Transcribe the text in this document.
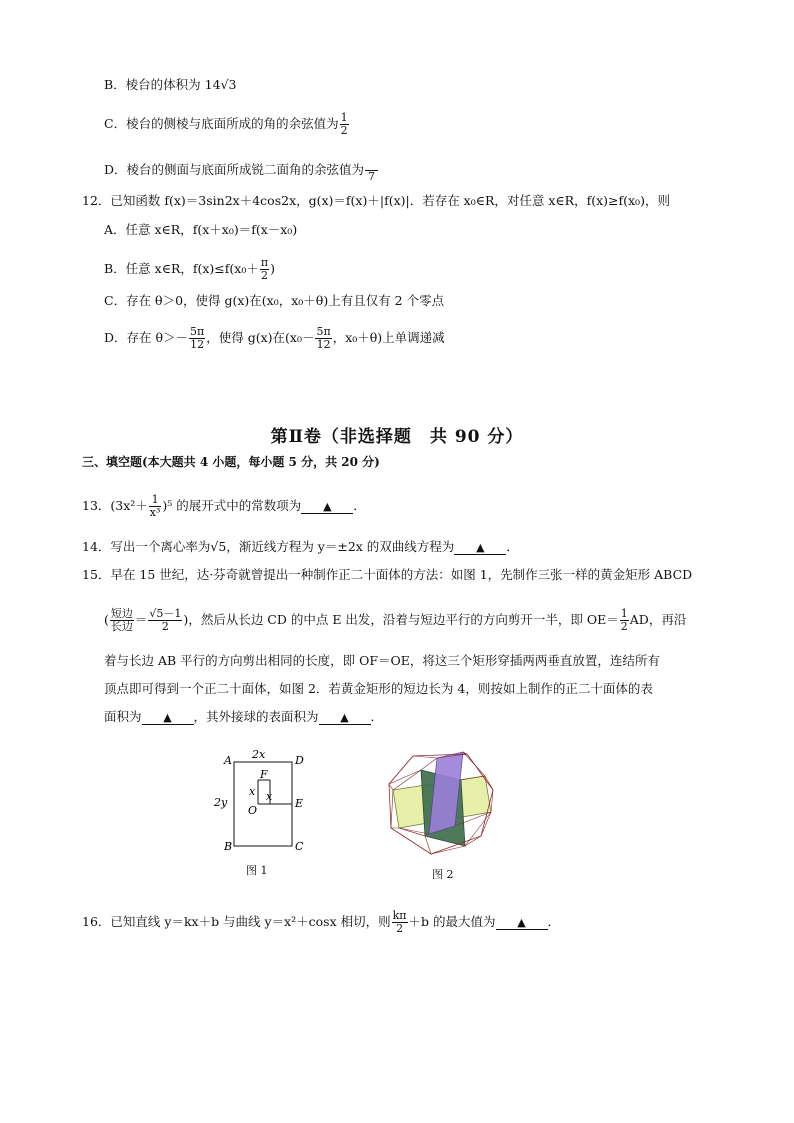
B．棱台的体积为 14√3
C．棱台的侧棱与底面所成的角的余弦值为 $\frac{1}{2}$
D．棱台的侧面与底面所成锐二面角的余弦值为
  7
12．已知函数 f(x)＝3sin2x＋4cos2x，g(x)＝f(x)＋|f(x)|．若存在 x₀∈R，对任意 x∈R，f(x)≥f(x₀)，则
A．任意 x∈R，f(x＋x₀)＝f(x－x₀)
B．任意 x∈R，$f(x)\le f(x_0+ \frac{\pi}{2}$ )
C．存在 θ＞0，使得 g(x)在(x₀，x₀＋θ)上有且仅有 2 个零点
D．存在 $\theta>- \frac{5\pi}{12}$ ，使得 g(x)在($x_0- \frac{5\pi}{12}$ ，x₀＋θ)上单调递减
第Ⅱ卷（非选择题　共 90 分）
三、填空题(本大题共 4 小题，每小题 5 分，共 20 分)
13．$(3x^2+ \frac{1}{\text{x³}} )^5$ 的展开式中的常数项为 ▲ ．
14．写出一个离心率为√5，渐近线方程为 y＝±2x 的双曲线方程为 ▲ ．
15．早在 15 世纪，达·芬奇就曾提出一种制作正二十面体的方法：如图 1，先制作三张一样的黄金矩形 ABCD
( $\frac{\text{短边}}{\text{长边}} = \frac{√5-1}{2}$ )，然后从长边 CD 的中点 E 出发，沿着与短边平行的方向剪开一半，即 $OE= \frac{1}{2}$ AD，再沿
着与长边 AB 平行的方向剪出相同的长度，即 OF＝OE，将这三个矩形穿插两两垂直放置，连结所有
顶点即可得到一个正二十面体，如图 2．若黄金矩形的短边长为 4，则按如上制作的正二十面体的表
面积为 ▲ ，其外接球的表面积为 ▲ ．
A	D
B	C
E
F
O
2x
2y
x x
图 1	图 2
16．已知直线 y＝kx＋b 与曲线 y＝x²＋cosx 相切，则 $\frac{k\pi}{2} +b$ 的最大值为 ▲ ．
